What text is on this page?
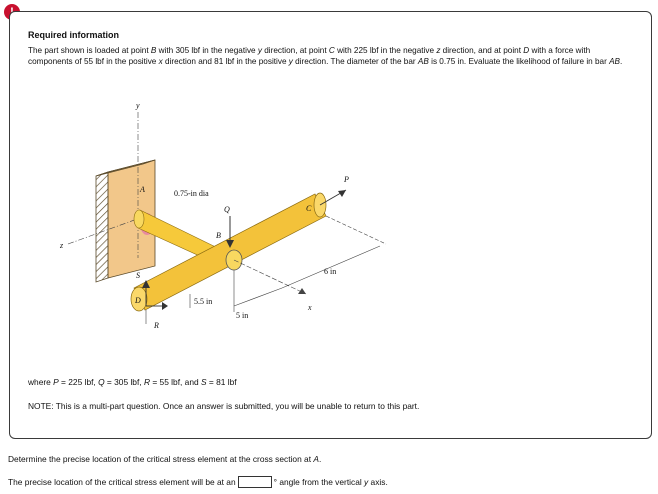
Required information
The part shown is loaded at point B with 305 lbf in the negative y direction, at point C with 225 lbf in the negative z direction, and at point D with a force with components of 55 lbf in the positive x direction and 81 lbf in the positive y direction. The diameter of the bar AB is 0.75 in. Evaluate the likelihood of failure in bar AB.
y
z
x
A
B
C
D
P
Q
R
S
0.75-in dia
6 in
5.5 in
5 in
where P = 225 lbf, Q = 305 lbf, R = 55 lbf, and S = 81 lbf
NOTE: This is a multi-part question. Once an answer is submitted, you will be unable to return to this part.
Determine the precise location of the critical stress element at the cross section at A.
The precise location of the critical stress element will be at an	° angle from the vertical y axis.
